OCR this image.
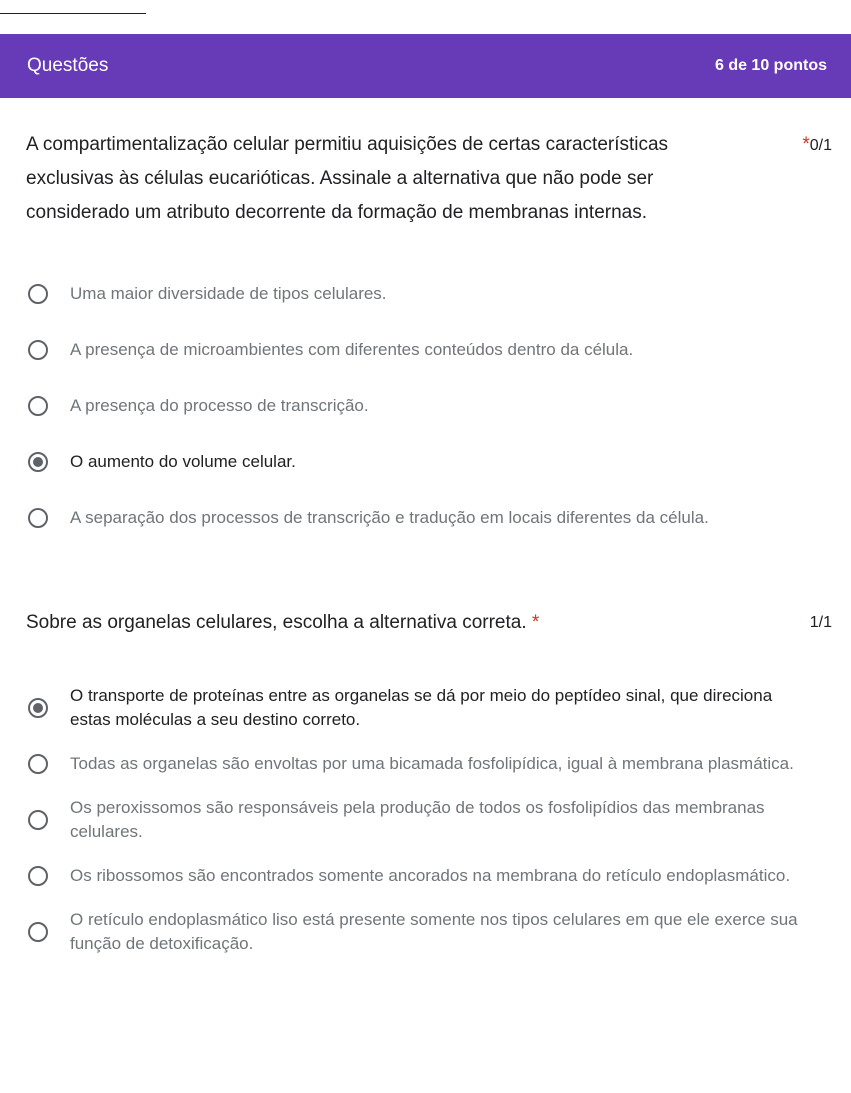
Questões	6 de 10 pontos
A compartimentalização celular permitiu aquisições de certas características exclusivas às células eucarióticas. Assinale a alternativa que não pode ser considerado um atributo decorrente da formação de membranas internas.
*0/1
Uma maior diversidade de tipos celulares.
A presença de microambientes com diferentes conteúdos dentro da célula.
A presença do processo de transcrição.
O aumento do volume celular.
A separação dos processos de transcrição e tradução em locais diferentes da célula.
Sobre as organelas celulares, escolha a alternativa correta. *	1/1
O transporte de proteínas entre as organelas se dá por meio do peptídeo sinal, que direciona estas moléculas a seu destino correto.
Todas as organelas são envoltas por uma bicamada fosfolipídica, igual à membrana plasmática.
Os peroxissomos são responsáveis pela produção de todos os fosfolipídios das membranas celulares.
Os ribossomos são encontrados somente ancorados na membrana do retículo endoplasmático.
O retículo endoplasmático liso está presente somente nos tipos celulares em que ele exerce sua função de detoxificação.
